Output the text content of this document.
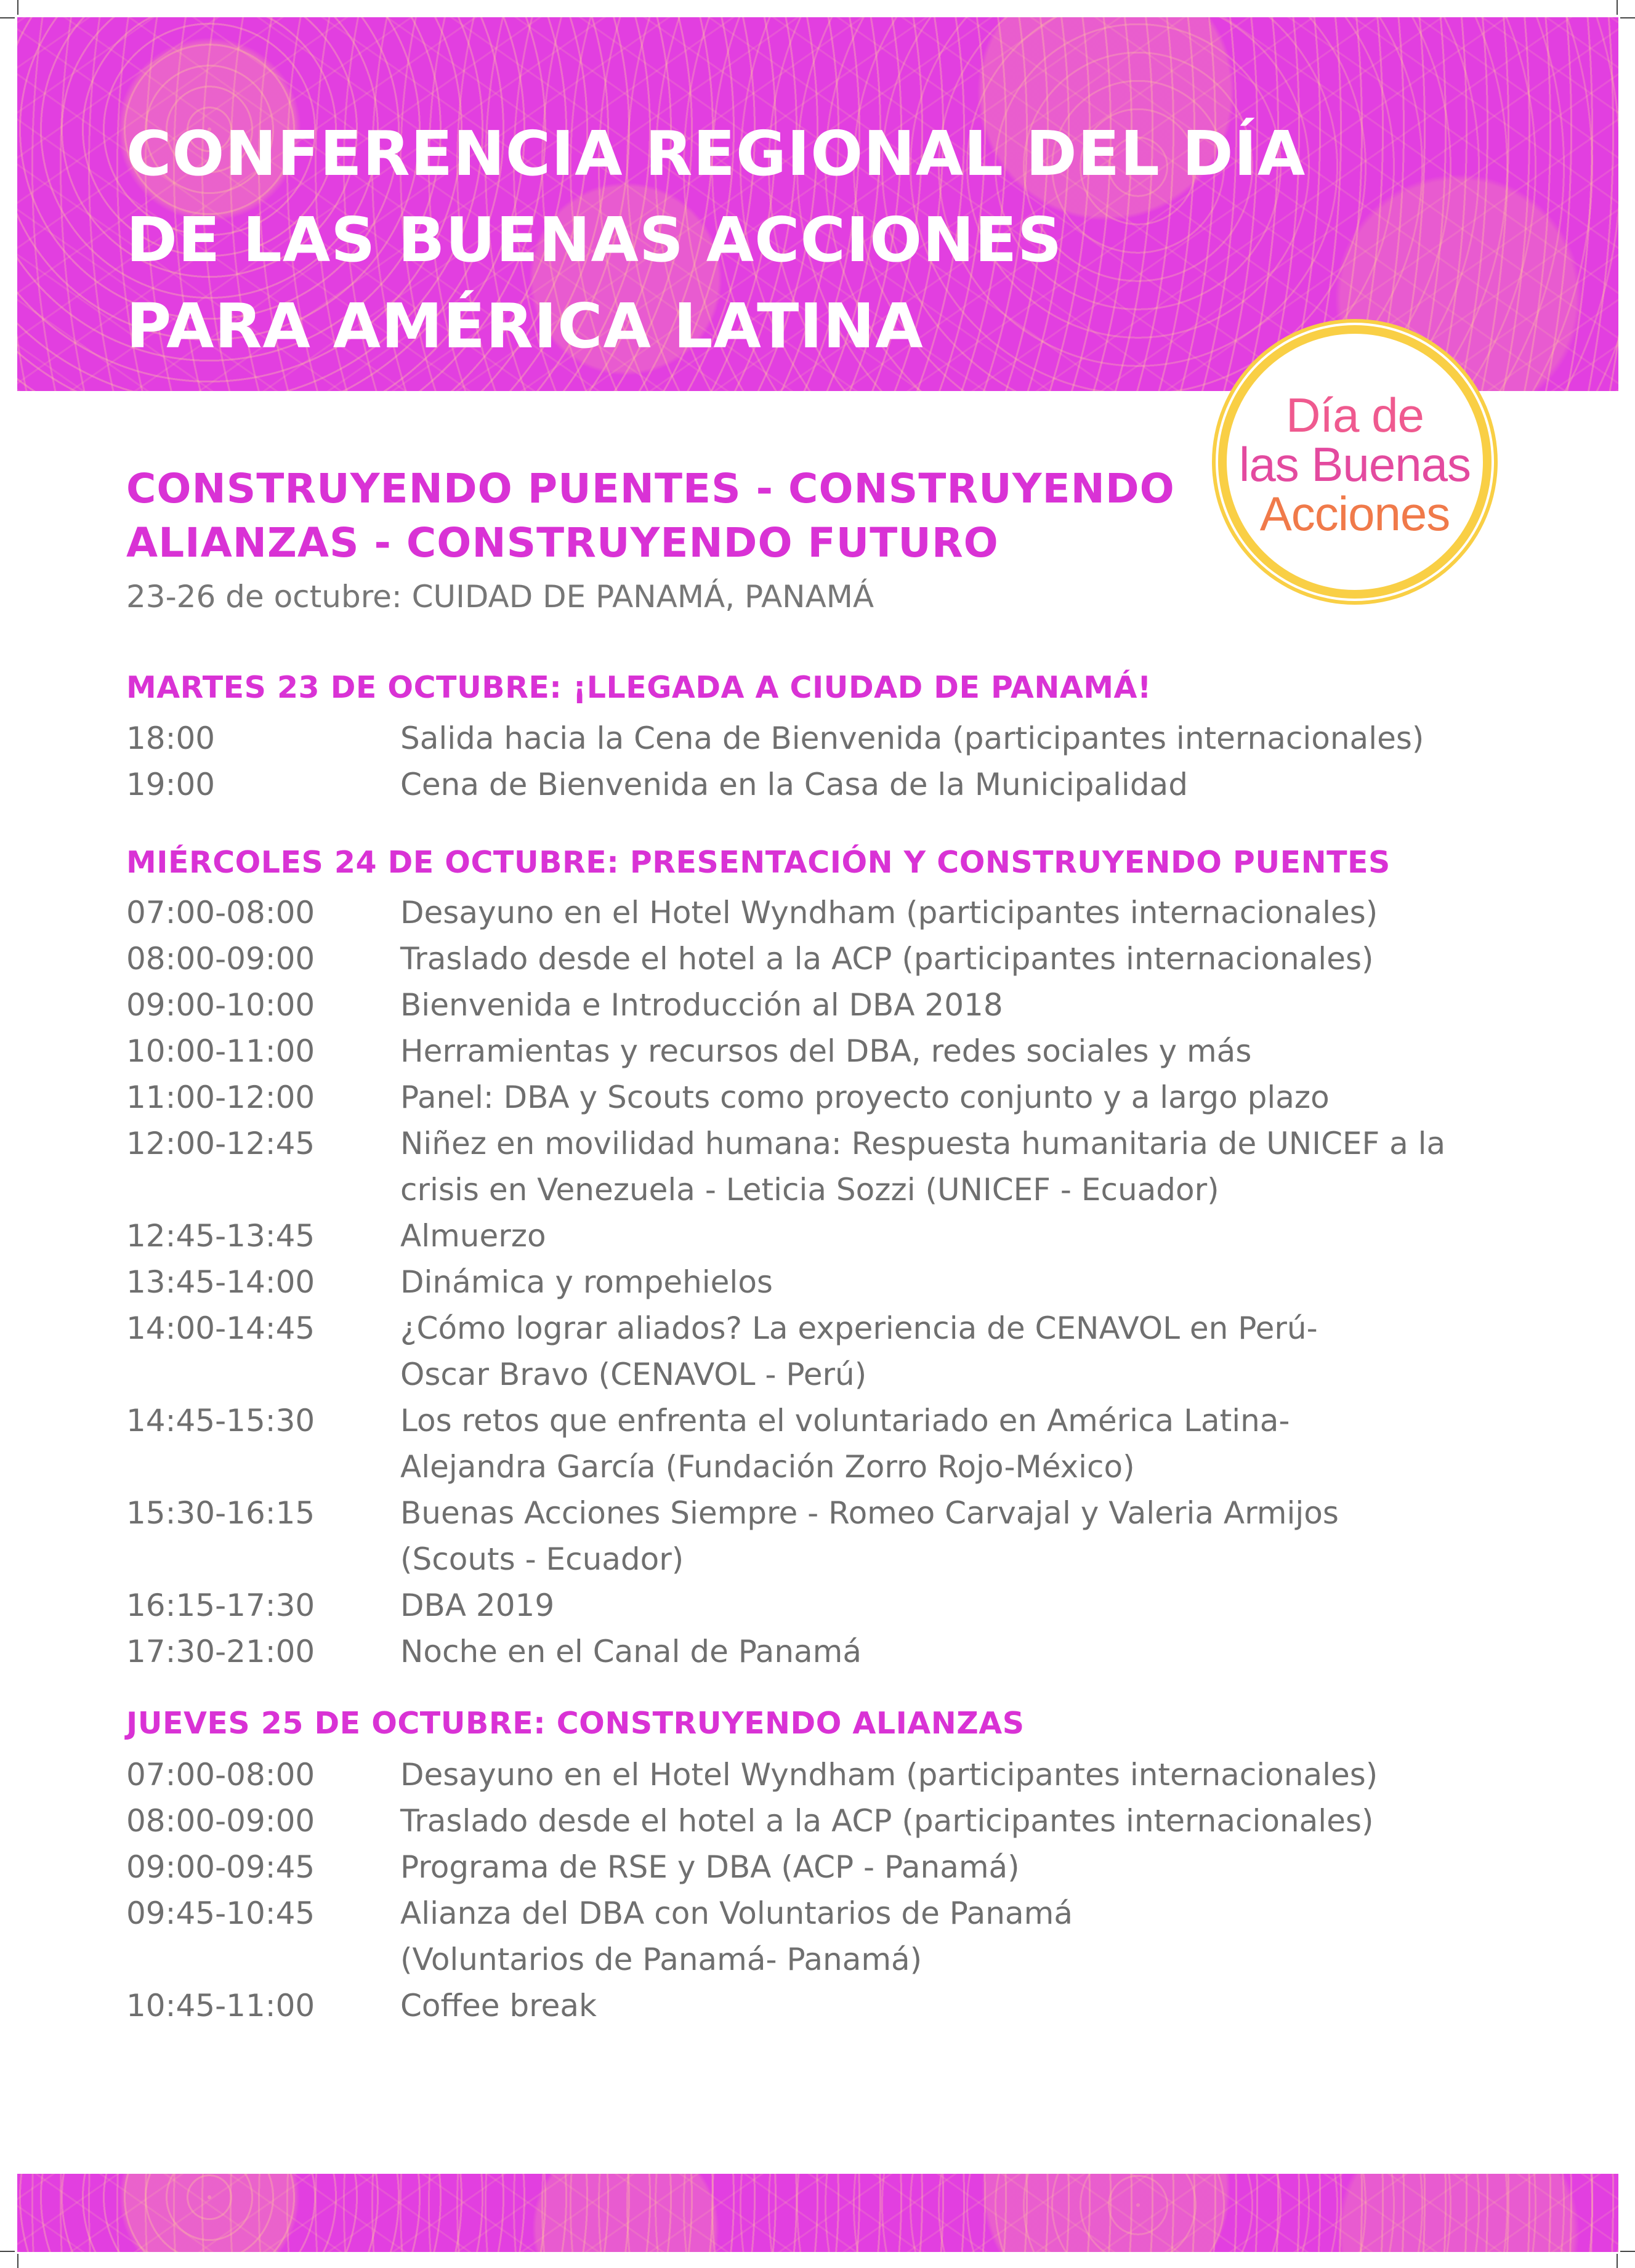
CONFERENCIA REGIONAL DEL DÍA
DE LAS BUENAS ACCIONES
PARA AMÉRICA LATINA
Día de
las Buenas
Acciones
CONSTRUYENDO PUENTES - CONSTRUYENDO
ALIANZAS - CONSTRUYENDO FUTURO
23-26 de octubre: CUIDAD DE PANAMÁ, PANAMÁ
MARTES 23 DE OCTUBRE: ¡LLEGADA A CIUDAD DE PANAMÁ!
18:00	Salida hacia la Cena de Bienvenida (participantes internacionales)
19:00	Cena de Bienvenida en la Casa de la Municipalidad
MIÉRCOLES 24 DE OCTUBRE: PRESENTACIÓN Y CONSTRUYENDO PUENTES
07:00-08:00	Desayuno en el Hotel Wyndham (participantes internacionales)
08:00-09:00	Traslado desde el hotel a la ACP (participantes internacionales)
09:00-10:00	Bienvenida e Introducción al DBA 2018
10:00-11:00	Herramientas y recursos del DBA, redes sociales y más
11:00-12:00	Panel: DBA y Scouts como proyecto conjunto y a largo plazo
12:00-12:45	Niñez en movilidad humana: Respuesta humanitaria de UNICEF a la
crisis en Venezuela - Leticia Sozzi (UNICEF - Ecuador)
12:45-13:45	Almuerzo
13:45-14:00	Dinámica y rompehielos
14:00-14:45	¿Cómo lograr aliados? La experiencia de CENAVOL en Perú-
Oscar Bravo (CENAVOL - Perú)
14:45-15:30	Los retos que enfrenta el voluntariado en América Latina-
Alejandra García (Fundación Zorro Rojo-México)
15:30-16:15	Buenas Acciones Siempre - Romeo Carvajal y Valeria Armijos
(Scouts - Ecuador)
16:15-17:30	DBA 2019
17:30-21:00	Noche en el Canal de Panamá
JUEVES 25 DE OCTUBRE: CONSTRUYENDO ALIANZAS
07:00-08:00	Desayuno en el Hotel Wyndham (participantes internacionales)
08:00-09:00	Traslado desde el hotel a la ACP (participantes internacionales)
09:00-09:45	Programa de RSE y DBA (ACP - Panamá)
09:45-10:45	Alianza del DBA con Voluntarios de Panamá
(Voluntarios de Panamá- Panamá)
10:45-11:00	Coffee break
